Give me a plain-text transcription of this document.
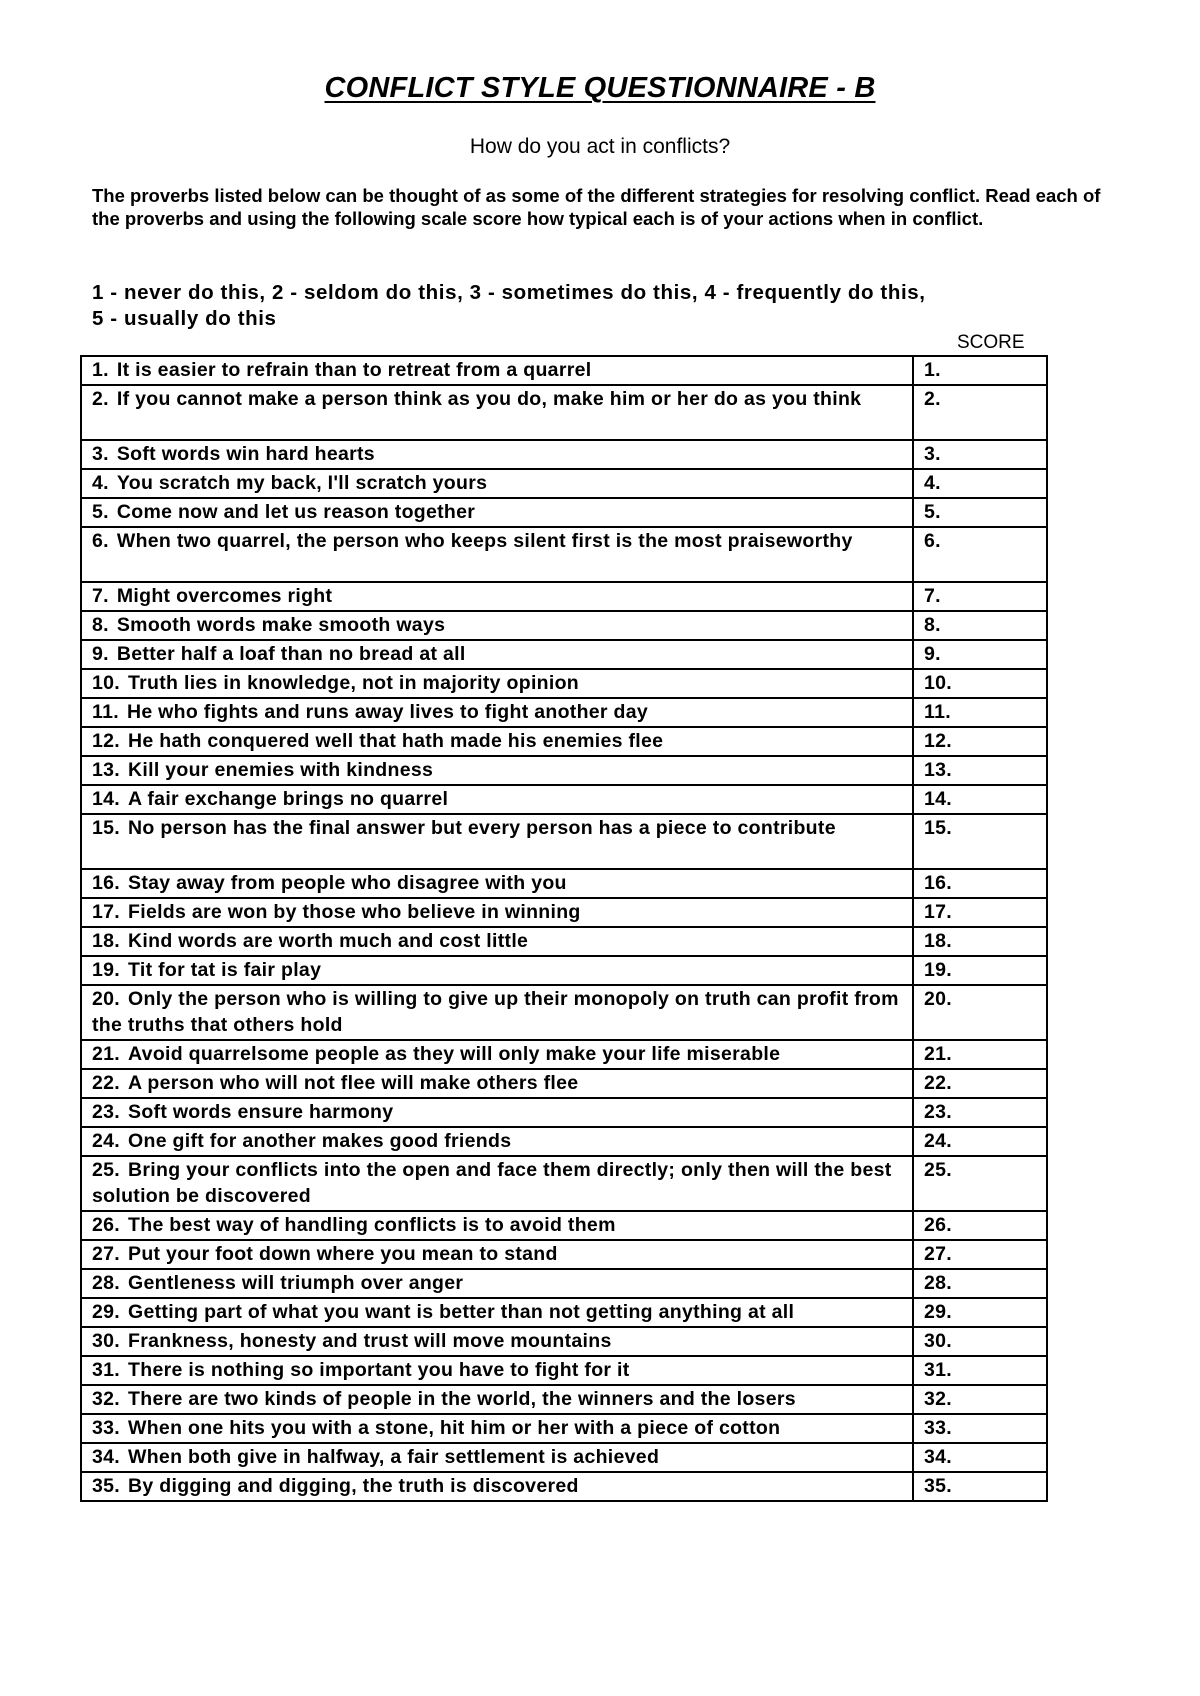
CONFLICT STYLE QUESTIONNAIRE - B
How do you act in conflicts?
The proverbs listed below can be thought of as some of the different strategies for resolving conflict. Read each of the proverbs and using the following scale score how typical each is of your actions when in conflict.
1 - never do this, 2 - seldom do this, 3 - sometimes do this, 4 - frequently do this,
5 - usually do this
SCORE
1. It is easier to refrain than to retreat from a quarrel	1.
2. If you cannot make a person think as you do, make him or her do as you think	2.
3. Soft words win hard hearts	3.
4. You scratch my back, I'll scratch yours	4.
5. Come now and let us reason together	5.
6. When two quarrel, the person who keeps silent first is the most praiseworthy	6.
7. Might overcomes right	7.
8. Smooth words make smooth ways	8.
9. Better half a loaf than no bread at all	9.
10. Truth lies in knowledge, not in majority opinion	10.
11. He who fights and runs away lives to fight another day	11.
12. He hath conquered well that hath made his enemies flee	12.
13. Kill your enemies with kindness	13.
14. A fair exchange brings no quarrel	14.
15. No person has the final answer but every person has a piece to contribute	15.
16. Stay away from people who disagree with you	16.
17. Fields are won by those who believe in winning	17.
18. Kind words are worth much and cost little	18.
19. Tit for tat is fair play	19.
20. Only the person who is willing to give up their monopoly on truth can profit from the truths that others hold	20.
21. Avoid quarrelsome people as they will only make your life miserable	21.
22. A person who will not flee will make others flee	22.
23. Soft words ensure harmony	23.
24. One gift for another makes good friends	24.
25. Bring your conflicts into the open and face them directly; only then will the best solution be discovered	25.
26. The best way of handling conflicts is to avoid them	26.
27. Put your foot down where you mean to stand	27.
28. Gentleness will triumph over anger	28.
29. Getting part of what you want is better than not getting anything at all	29.
30. Frankness, honesty and trust will move mountains	30.
31. There is nothing so important you have to fight for it	31.
32. There are two kinds of people in the world, the winners and the losers	32.
33. When one hits you with a stone, hit him or her with a piece of cotton	33.
34. When both give in halfway, a fair settlement is achieved	34.
35. By digging and digging, the truth is discovered	35.
